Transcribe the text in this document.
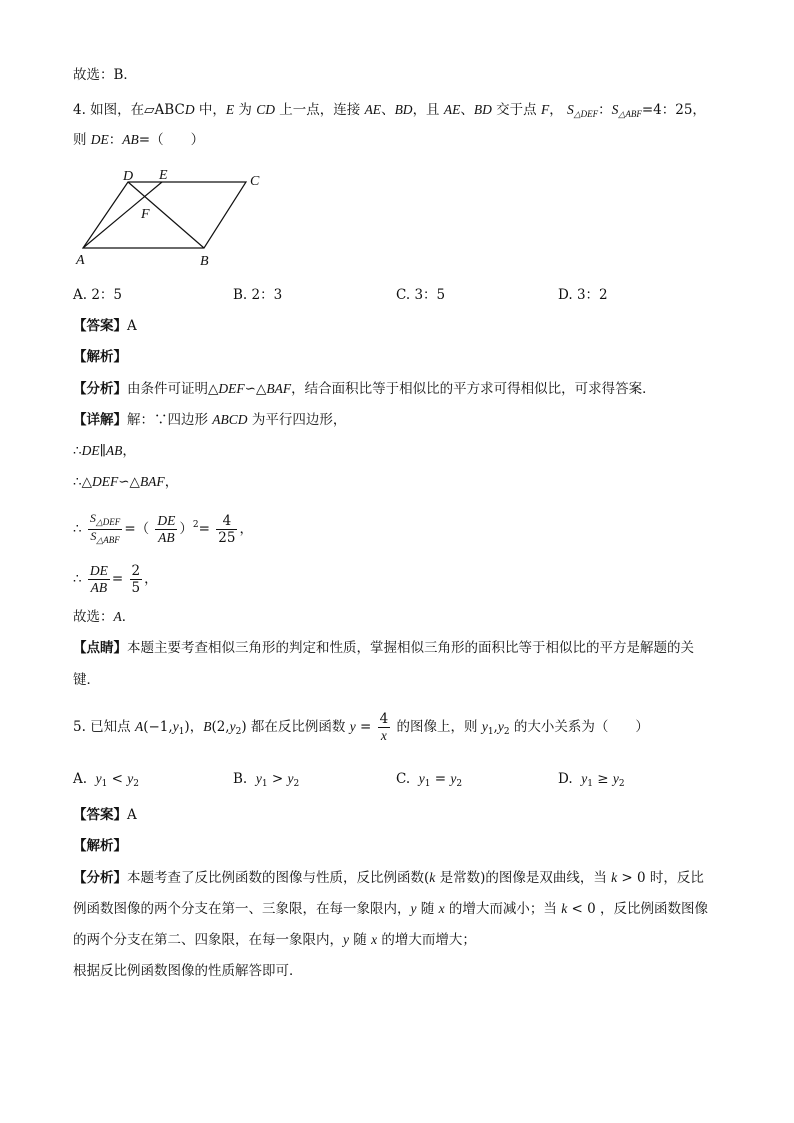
故选：B．
4. 如图，在▱ABCD 中，E 为 CD 上一点，连接 AE、BD，且 AE、BD 交于点 F， $S_{\triangle DEF}$：$S_{\triangle ABF}=4$：25，
则 DE：AB=（　　）
D E	C
F
A	B
A. 2：5	B. 2：3	C. 3：5	D. 3：2
【答案】A
【解析】
【分析】由条件可证明△DEF∽△BAF，结合面积比等于相似比的平方求可得相似比，可求得答案．
【详解】解：∵四边形 ABCD 为平行四边形，
∴DE∥AB，
∴△DEF∽△BAF，
∴ $\frac{S_{\triangle DEF}}{S_{\triangle ABF}}$ =（ $\frac{DE}{AB} )^2= \frac{4}{25}$ ，
∴ $\frac{DE}{AB} = \frac{2}{5}$ ，
故选：A．
【点睛】本题主要考查相似三角形的判定和性质，掌握相似三角形的面积比等于相似比的平方是解题的关
键．
5. 已知点 $A(-1,y_1)$，$B(2,y_2)$ 都在反比例函数 $y = \frac{4}{x}$ 的图像上，则 $y_1,y_2$ 的大小关系为（　　）
A. $y_1 < y_2$	B. $y_1 > y_2$	C. $y_1 = y_2$	D. $y_1 \ge y_2$
【答案】A
【解析】
【分析】本题考查了反比例函数的图像与性质，反比例函数(k 是常数)的图像是双曲线，当 k > 0 时，反比
例函数图像的两个分支在第一、三象限，在每一象限内，y 随 x 的增大而减小；当 k < 0 ，反比例函数图像
的两个分支在第二、四象限，在每一象限内，y 随 x 的增大而增大；
根据反比例函数图像的性质解答即可．
